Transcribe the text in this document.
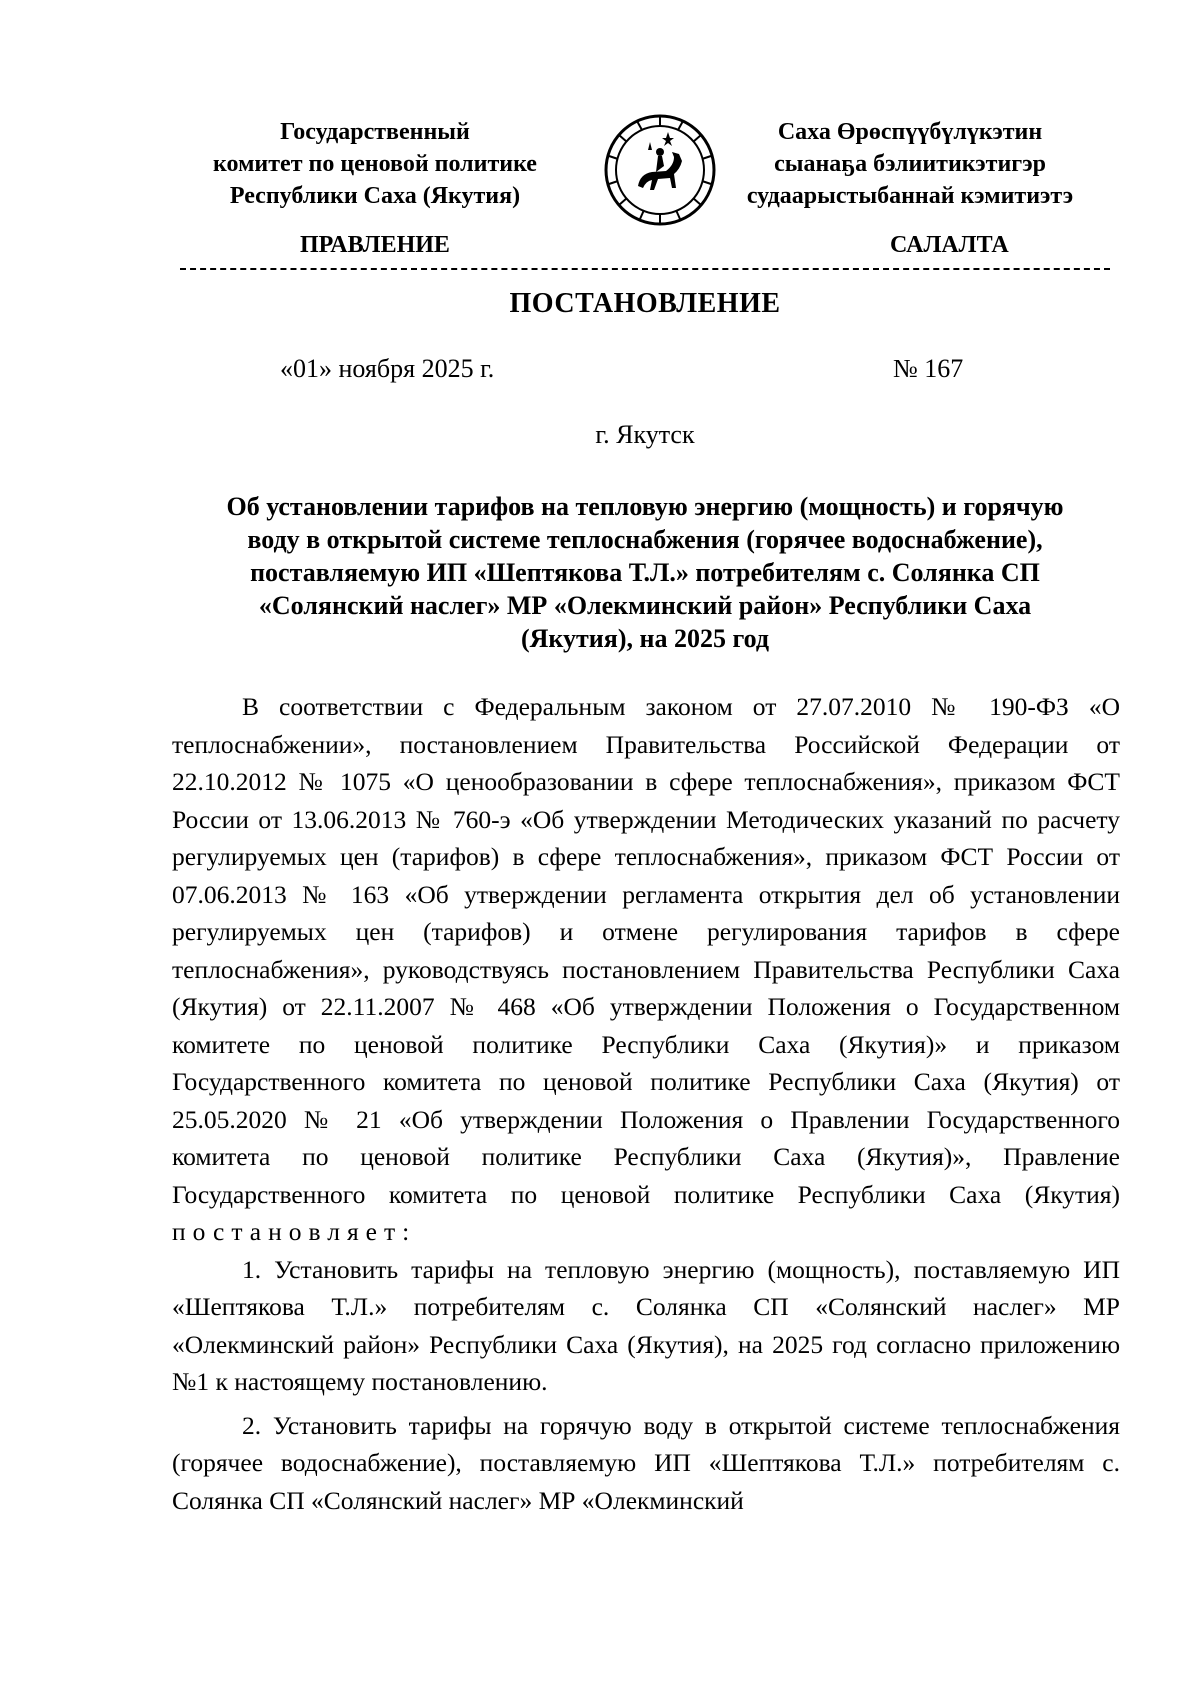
Государственный
комитет по ценовой политике
Республики Саха (Якутия)
Саха Өрөспүүбүлүкэтин
сыанаҕа бэлиитикэтигэр
судаарыстыбаннай кэмитиэтэ
ПРАВЛЕНИЕ	САЛАЛТА
ПОСТАНОВЛЕНИЕ
«01» ноября 2025 г.	№ 167
г. Якутск
Об установлении тарифов на тепловую энергию (мощность) и горячую
воду в открытой системе теплоснабжения (горячее водоснабжение),
поставляемую ИП «Шептякова Т.Л.» потребителям с. Солянка СП
«Солянский наслег» МР «Олекминский район» Республики Саха
(Якутия), на 2025 год

В соответствии с Федеральным законом от 27.07.2010 № 190-ФЗ «О теплоснабжении», постановлением Правительства Российской Федерации от 22.10.2012 № 1075 «О ценообразовании в сфере теплоснабжения», приказом ФСТ России от 13.06.2013 № 760-э «Об утверждении Методических указаний по расчету регулируемых цен (тарифов) в сфере теплоснабжения», приказом ФСТ России от 07.06.2013 № 163 «Об утверждении регламента открытия дел об установлении регулируемых цен (тарифов) и отмене регулирования тарифов в сфере теплоснабжения», руководствуясь постановлением Правительства Республики Саха (Якутия) от 22.11.2007 № 468 «Об утверждении Положения о Государственном комитете по ценовой политике Республики Саха (Якутия)» и приказом Государственного комитета по ценовой политике Республики Саха (Якутия) от 25.05.2020 № 21 «Об утверждении Положения о Правлении Государственного комитета по ценовой политике Республики Саха (Якутия)», Правление Государственного комитета по ценовой политике Республики Саха (Якутия) постановляет:

1. Установить тарифы на тепловую энергию (мощность), поставляемую ИП «Шептякова Т.Л.» потребителям с. Солянка СП «Солянский наслег» МР «Олекминский район» Республики Саха (Якутия), на 2025 год согласно приложению №1 к настоящему постановлению.

2. Установить тарифы на горячую воду в открытой системе теплоснабжения (горячее водоснабжение), поставляемую ИП «Шептякова Т.Л.» потребителям с. Солянка СП «Солянский наслег» МР «Олекминский
